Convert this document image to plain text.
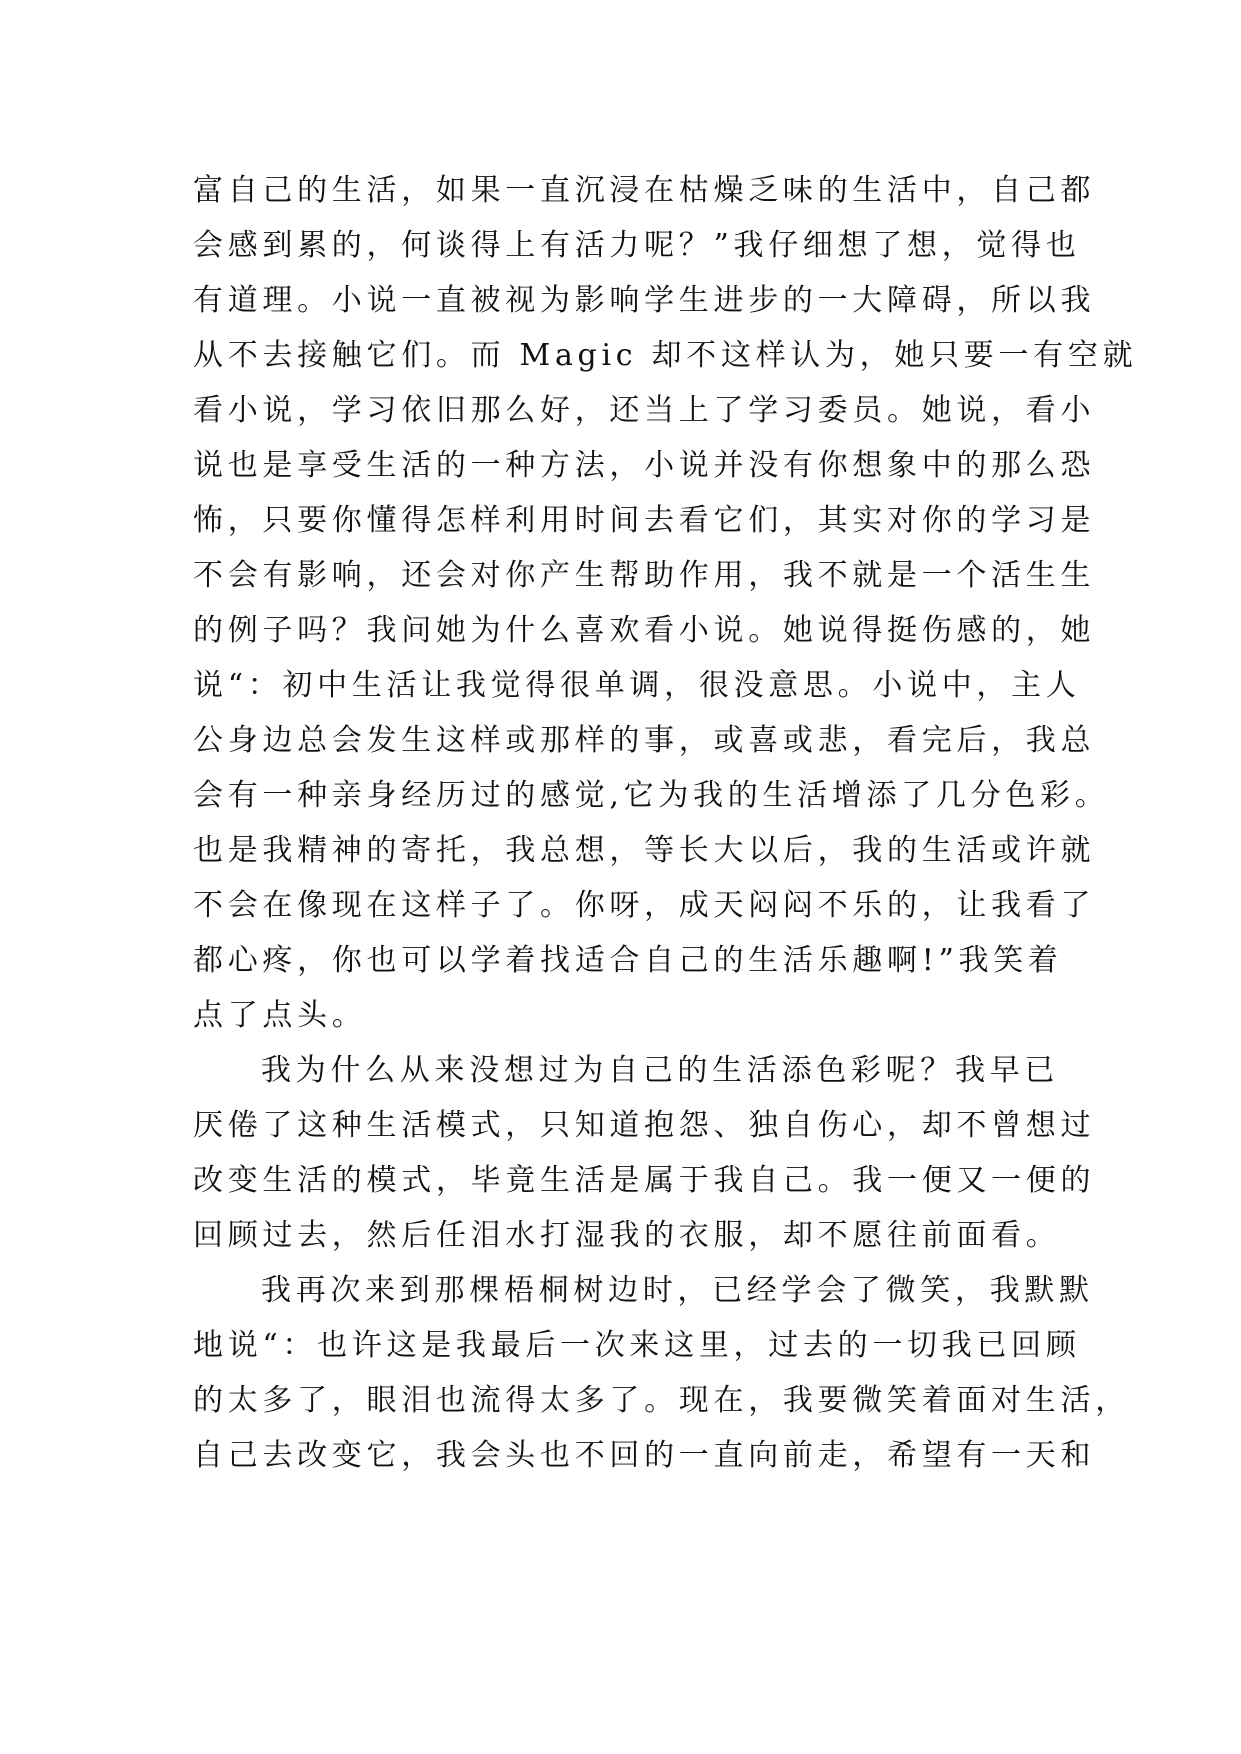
富自己的生活，如果一直沉浸在枯燥乏味的生活中，自己都
会感到累的，何谈得上有活力呢？”我仔细想了想，觉得也
有道理。小说一直被视为影响学生进步的一大障碍，所以我
从不去接触它们。而 Magic 却不这样认为，她只要一有空就
看小说，学习依旧那么好，还当上了学习委员。她说，看小
说也是享受生活的一种方法，小说并没有你想象中的那么恐
怖，只要你懂得怎样利用时间去看它们，其实对你的学习是
不会有影响，还会对你产生帮助作用，我不就是一个活生生
的例子吗？我问她为什么喜欢看小说。她说得挺伤感的，她
说“：初中生活让我觉得很单调，很没意思。小说中，主人
公身边总会发生这样或那样的事，或喜或悲，看完后，我总
会有一种亲身经历过的感觉,它为我的生活增添了几分色彩。
也是我精神的寄托，我总想，等长大以后，我的生活或许就
不会在像现在这样子了。你呀，成天闷闷不乐的，让我看了
都心疼，你也可以学着找适合自己的生活乐趣啊!”我笑着
点了点头。
我为什么从来没想过为自己的生活添色彩呢？我早已
厌倦了这种生活模式，只知道抱怨、独自伤心，却不曾想过
改变生活的模式，毕竟生活是属于我自己。我一便又一便的
回顾过去，然后任泪水打湿我的衣服，却不愿往前面看。
我再次来到那棵梧桐树边时，已经学会了微笑，我默默
地说“：也许这是我最后一次来这里，过去的一切我已回顾
的太多了，眼泪也流得太多了。现在，我要微笑着面对生活，
自己去改变它，我会头也不回的一直向前走，希望有一天和
